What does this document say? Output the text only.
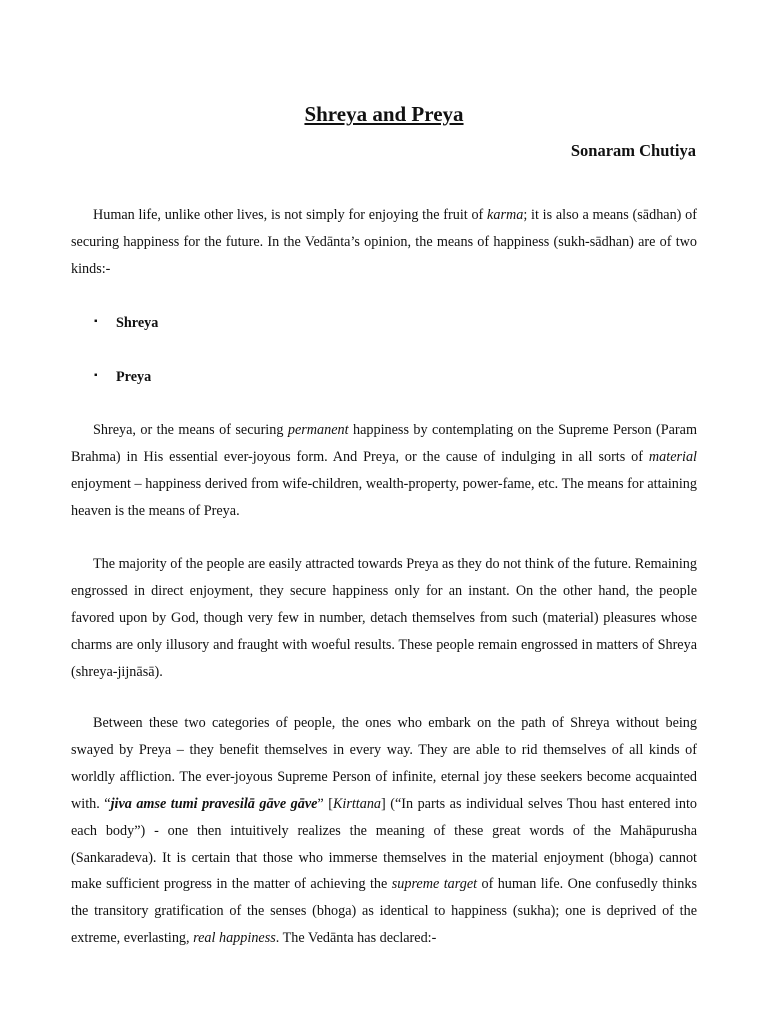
Shreya and Preya
Sonaram Chutiya

Human life, unlike other lives, is not simply for enjoying the fruit of karma; it is also a means (sādhan) of securing happiness for the future. In the Vedānta’s opinion, the means of happiness (sukh-sādhan) are of two kinds:-

▪ Shreya
▪ Preya

Shreya, or the means of securing permanent happiness by contemplating on the Supreme Person (Param Brahma) in His essential ever-joyous form. And Preya, or the cause of indulging in all sorts of material enjoyment – happiness derived from wife-children, wealth-property, power-fame, etc. The means for attaining heaven is the means of Preya.

The majority of the people are easily attracted towards Preya as they do not think of the future. Remaining engrossed in direct enjoyment, they secure happiness only for an instant. On the other hand, the people favored upon by God, though very few in number, detach themselves from such (material) pleasures whose charms are only illusory and fraught with woeful results. These people remain engrossed in matters of Shreya (shreya-jijnāsā).

Between these two categories of people, the ones who embark on the path of Shreya without being swayed by Preya – they benefit themselves in every way. They are able to rid themselves of all kinds of worldly affliction. The ever-joyous Supreme Person of infinite, eternal joy these seekers become acquainted with. “jiva amse tumi pravesilā gāve gāve” [Kirttana] (“In parts as individual selves Thou hast entered into each body”) - one then intuitively realizes the meaning of these great words of the Mahāpurusha (Sankaradeva). It is certain that those who immerse themselves in the material enjoyment (bhoga) cannot make sufficient progress in the matter of achieving the supreme target of human life. One confusedly thinks the transitory gratification of the senses (bhoga) as identical to happiness (sukha); one is deprived of the extreme, everlasting, real happiness. The Vedānta has declared:-
